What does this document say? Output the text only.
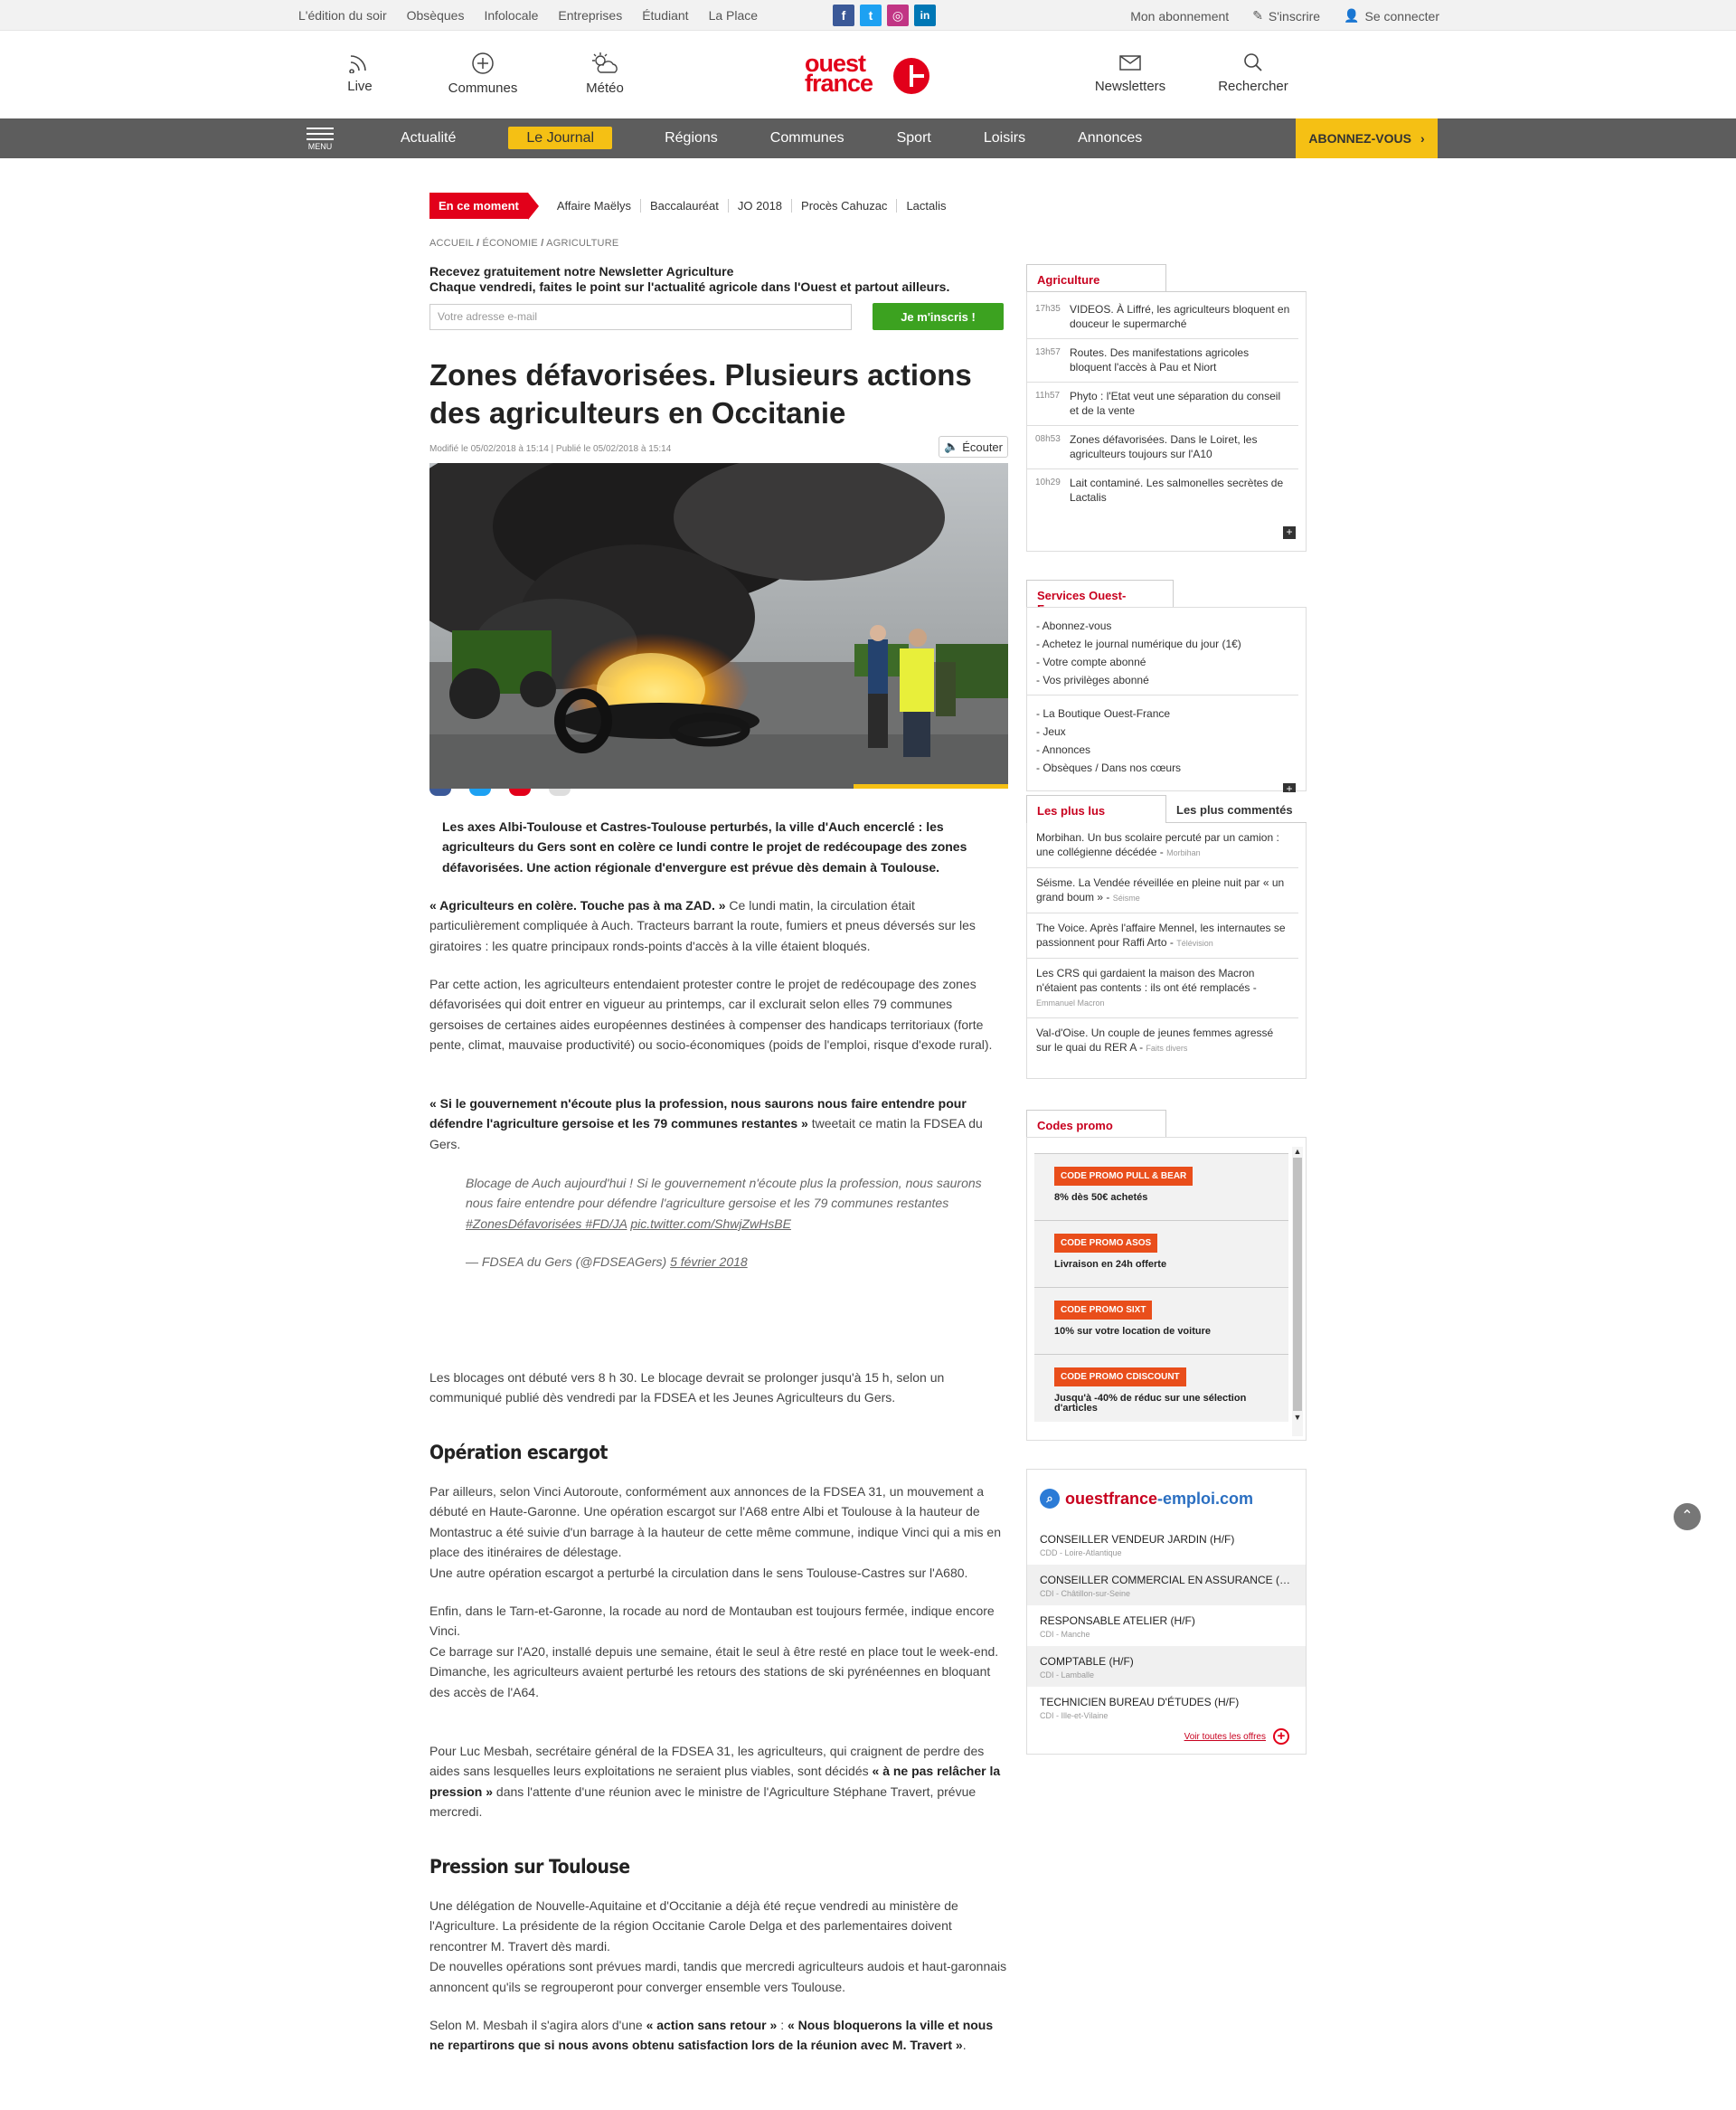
L'édition du soir Obsèques Infolocale Entreprises Étudiant La Place	f	t	◎	in	Mon abonnement ✎ S'inscrire 👤 Se connecter
Live	Communes	Météo
ouest
france	Newsletters	Rechercher
MENU
Actualité	Le Journal	Régions	Communes	Sport	Loisirs	Annonces	ABONNEZ-VOUS ›
En ce moment	Affaire Maëlys	Baccalauréat	JO 2018	Procès Cahuzac	Lactalis
ACCUEIL / ÉCONOMIE / AGRICULTURE
Recevez gratuitement notre Newsletter Agriculture
Chaque vendredi, faites le point sur l'actualité agricole dans l'Ouest et partout ailleurs.
Votre adresse e-mail	Je m'inscris !
Zones défavorisées. Plusieurs actions des agriculteurs en Occitanie
Modifié le 05/02/2018 à 15:14 | Publié le 05/02/2018 à 15:14	🔈 Écouter

Les axes Albi-Toulouse et Castres-Toulouse perturbés, la ville d'Auch encerclé : les agriculteurs du Gers sont en colère ce lundi contre le projet de redécoupage des zones défavorisées. Une action régionale d'envergure est prévue dès demain à Toulouse.

« Agriculteurs en colère. Touche pas à ma ZAD. » Ce lundi matin, la circulation était particulièrement compliquée à Auch. Tracteurs barrant la route, fumiers et pneus déversés sur les giratoires : les quatre principaux ronds-points d'accès à la ville étaient bloqués.

Par cette action, les agriculteurs entendaient protester contre le projet de redécoupage des zones défavorisées qui doit entrer en vigueur au printemps, car il exclurait selon elles 79 communes gersoises de certaines aides européennes destinées à compenser des handicaps territoriaux (forte pente, climat, mauvaise productivité) ou socio-économiques (poids de l'emploi, risque d'exode rural).

« Si le gouvernement n'écoute plus la profession, nous saurons nous faire entendre pour défendre l'agriculture gersoise et les 79 communes restantes » tweetait ce matin la FDSEA du Gers.

Blocage de Auch aujourd'hui ! Si le gouvernement n'écoute plus la profession, nous saurons nous faire entendre pour défendre l'agriculture gersoise et les 79 communes restantes #ZonesDéfavorisées #FD/JA pic.twitter.com/ShwjZwHsBE

— FDSEA du Gers (@FDSEAGers) 5 février 2018

Les blocages ont débuté vers 8 h 30. Le blocage devrait se prolonger jusqu'à 15 h, selon un communiqué publié dès vendredi par la FDSEA et les Jeunes Agriculteurs du Gers.

Opération escargot

Par ailleurs, selon Vinci Autoroute, conformément aux annonces de la FDSEA 31, un mouvement a débuté en Haute-Garonne. Une opération escargot sur l'A68 entre Albi et Toulouse à la hauteur de Montastruc a été suivie d'un barrage à la hauteur de cette même commune, indique Vinci qui a mis en place des itinéraires de délestage.

Une autre opération escargot a perturbé la circulation dans le sens Toulouse-Castres sur l'A680.

Enfin, dans le Tarn-et-Garonne, la rocade au nord de Montauban est toujours fermée, indique encore Vinci.

Ce barrage sur l'A20, installé depuis une semaine, était le seul à être resté en place tout le week-end.

Dimanche, les agriculteurs avaient perturbé les retours des stations de ski pyrénéennes en bloquant des accès de l'A64.

Pour Luc Mesbah, secrétaire général de la FDSEA 31, les agriculteurs, qui craignent de perdre des aides sans lesquelles leurs exploitations ne seraient plus viables, sont décidés « à ne pas relâcher la pression » dans l'attente d'une réunion avec le ministre de l'Agriculture Stéphane Travert, prévue mercredi.

Pression sur Toulouse

Une délégation de Nouvelle-Aquitaine et d'Occitanie a déjà été reçue vendredi au ministère de l'Agriculture. La présidente de la région Occitanie Carole Delga et des parlementaires doivent rencontrer M. Travert dès mardi.

De nouvelles opérations sont prévues mardi, tandis que mercredi agriculteurs audois et haut-garonnais annoncent qu'ils se regrouperont pour converger ensemble vers Toulouse.

Selon M. Mesbah il s'agira alors d'une « action sans retour » : « Nous bloquerons la ville et nous ne repartirons que si nous avons obtenu satisfaction lors de la réunion avec M. Travert ».

Agriculture
17h35 VIDEOS. À Liffré, les agriculteurs bloquent en douceur le supermarché
13h57 Routes. Des manifestations agricoles bloquent l'accès à Pau et Niort
11h57 Phyto : l'Etat veut une séparation du conseil et de la vente
08h53 Zones défavorisées. Dans le Loiret, les agriculteurs toujours sur l'A10
10h29 Lait contaminé. Les salmonelles secrètes de Lactalis
+
Services Ouest-
- Abonnez-vous
- Achetez le journal numérique du jour (1€)
- Votre compte abonné
- Vos privilèges abonné
- La Boutique Ouest-France
- Jeux
- Annonces
- Obsèques / Dans nos cœurs
+
Les plus lus	Les plus commentés
Morbihan. Un bus scolaire percuté par un camion : une collégienne décédée - Morbihan
Séisme. La Vendée réveillée en pleine nuit par « un grand boum » - Séisme
The Voice. Après l'affaire Mennel, les internautes se passionnent pour Raffi Arto - Télévision
Les CRS qui gardaient la maison des Macron n'étaient pas contents : ils ont été remplacés - Emmanuel Macron
Val-d'Oise. Un couple de jeunes femmes agressé sur le quai du RER A - Faits divers
Codes promo
CODE PROMO PULL & BEAR
8% dès 50€ achetés
CODE PROMO ASOS
Livraison en 24h offerte
CODE PROMO SIXT
10% sur votre location de voiture
CODE PROMO CDISCOUNT
Jusqu'à -40% de réduc sur une sélection d'articles
▲
▼
⌕ ouestfrance -emploi.com
CONSEILLER VENDEUR JARDIN (H/F)
CDD - Loire-Atlantique
CONSEILLER COMMERCIAL EN ASSURANCE (…
CDI - Châtillon-sur-Seine
RESPONSABLE ATELIER (H/F)
CDI - Manche
COMPTABLE (H/F)
CDI - Lamballe
TECHNICIEN BUREAU D'ÉTUDES (H/F)
CDI - Ille-et-Vilaine
Voir toutes les offres +
⌃
